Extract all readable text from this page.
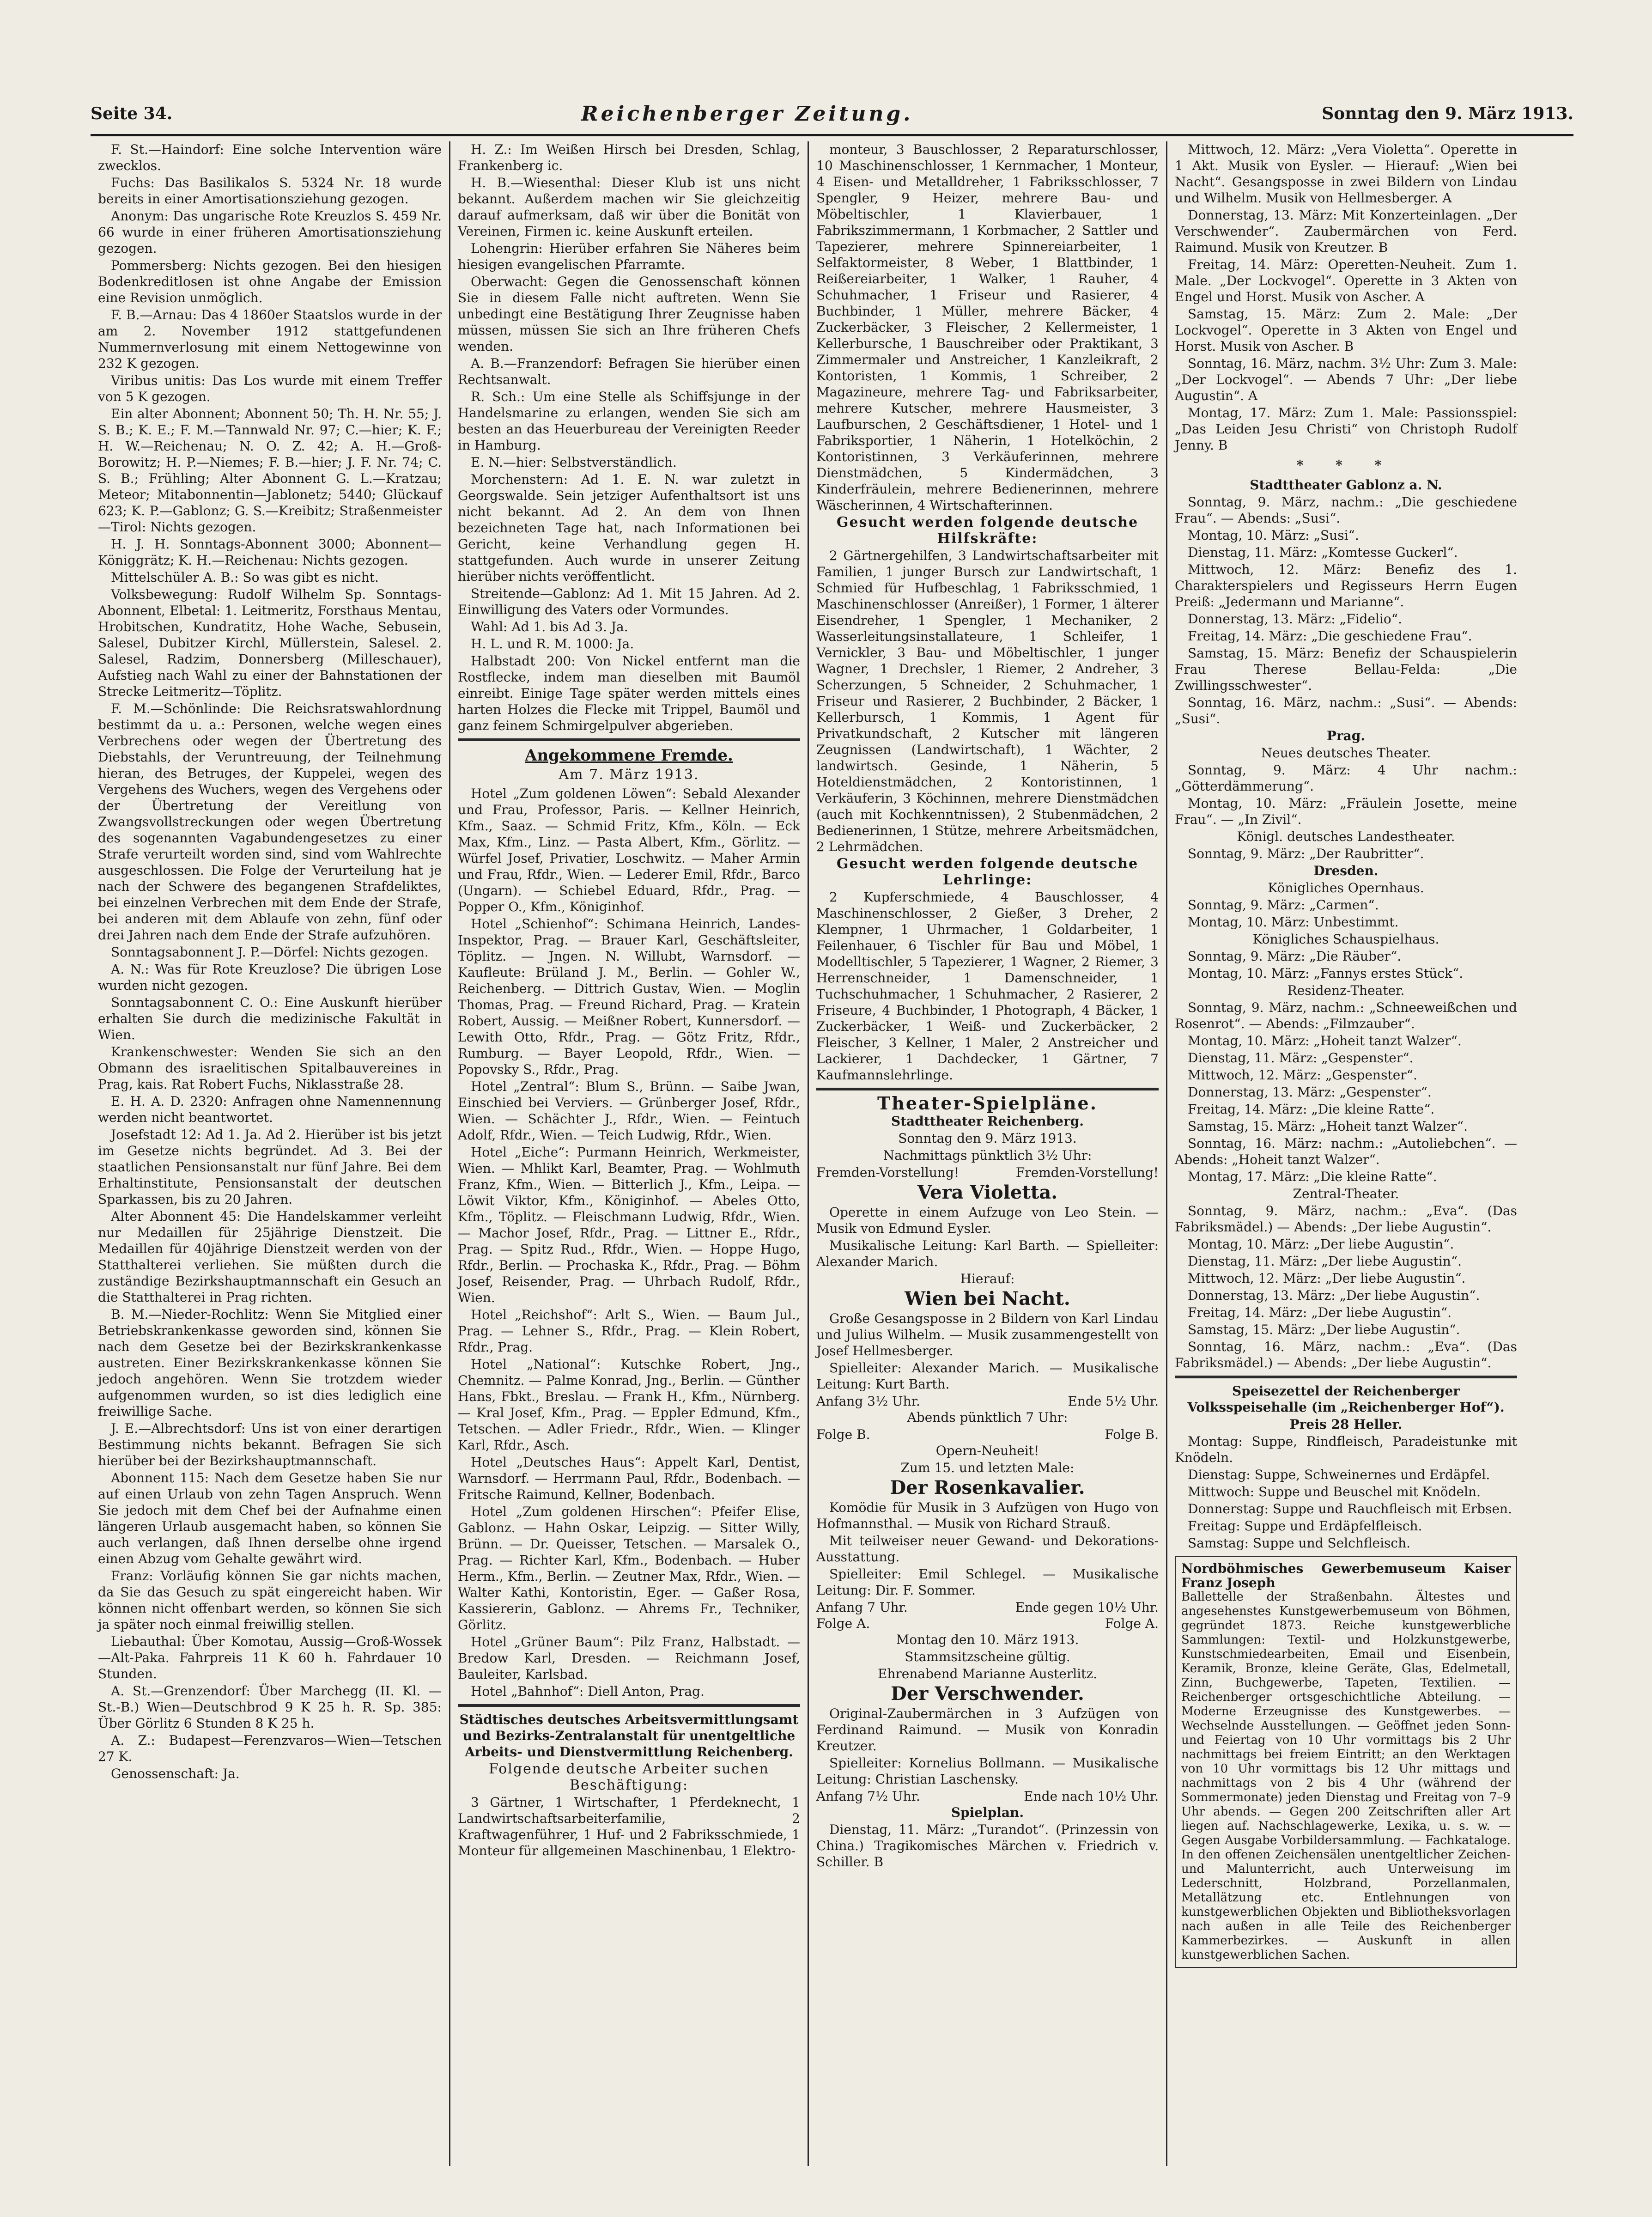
Seite 34.	Reichenberger Zeitung.	Sonntag den 9. März 1913.

F. St.—Haindorf: Eine solche Intervention wäre zwecklos.

Fuchs: Das Basilikalos S. 5324 Nr. 18 wurde bereits in einer Amortisationsziehung gezogen.

Anonym: Das ungarische Rote Kreuzlos S. 459 Nr. 66 wurde in einer früheren Amortisationsziehung gezogen.

Pommersberg: Nichts gezogen. Bei den hiesigen Bodenkreditlosen ist ohne Angabe der Emission eine Revision unmöglich.

F. B.—Arnau: Das 4 1860er Staatslos wurde in der am 2. November 1912 stattgefundenen Nummernverlosung mit einem Nettogewinne von 232 K gezogen.

Viribus unitis: Das Los wurde mit einem Treffer von 5 K gezogen.

Ein alter Abonnent; Abonnent 50; Th. H. Nr. 55; J. S. B.; K. E.; F. M.—Tannwald Nr. 97; C.—hier; K. F.; H. W.—Reichenau; N. O. Z. 42; A. H.—Groß-Borowitz; H. P.—Niemes; F. B.—hier; J. F. Nr. 74; C. S. B.; Frühling; Alter Abonnent G. L.—Kratzau; Meteor; Mitabonnentin—Jablonetz; 5440; Glückauf 623; K. P.—Gablonz; G. S.—Kreibitz; Straßenmeister—Tirol: Nichts gezogen.

H. J. H. Sonntags-Abonnent 3000; Abonnent—Königgrätz; K. H.—Reichenau: Nichts gezogen.

Mittelschüler A. B.: So was gibt es nicht.

Volksbewegung: Rudolf Wilhelm Sp. Sonntags-Abonnent, Elbetal: 1. Leitmeritz, Forsthaus Mentau, Hrobitschen, Kundratitz, Hohe Wache, Sebusein, Salesel, Dubitzer Kirchl, Müllerstein, Salesel. 2. Salesel, Radzim, Donnersberg (Milleschauer), Aufstieg nach Wahl zu einer der Bahnstationen der Strecke Leitmeritz—Töplitz.

F. M.—Schönlinde: Die Reichsratswahlordnung bestimmt da u. a.: Personen, welche wegen eines Verbrechens oder wegen der Übertretung des Diebstahls, der Veruntreuung, der Teilnehmung hieran, des Betruges, der Kuppelei, wegen des Vergehens des Wuchers, wegen des Vergehens oder der Übertretung der Vereitlung von Zwangsvollstreckungen oder wegen Übertretung des sogenannten Vagabundengesetzes zu einer Strafe verurteilt worden sind, sind vom Wahlrechte ausgeschlossen. Die Folge der Verurteilung hat je nach der Schwere des begangenen Strafdeliktes, bei einzelnen Verbrechen mit dem Ende der Strafe, bei anderen mit dem Ablaufe von zehn, fünf oder drei Jahren nach dem Ende der Strafe aufzuhören.

Sonntagsabonnent J. P.—Dörfel: Nichts gezogen.

A. N.: Was für Rote Kreuzlose? Die übrigen Lose wurden nicht gezogen.

Sonntagsabonnent C. O.: Eine Auskunft hierüber erhalten Sie durch die medizinische Fakultät in Wien.

Krankenschwester: Wenden Sie sich an den Obmann des israelitischen Spitalbauvereines in Prag, kais. Rat Robert Fuchs, Niklasstraße 28.

E. H. A. D. 2320: Anfragen ohne Namennennung werden nicht beantwortet.

Josefstadt 12: Ad 1. Ja. Ad 2. Hierüber ist bis jetzt im Gesetze nichts begründet. Ad 3. Bei der staatlichen Pensionsanstalt nur fünf Jahre. Bei dem Erhaltinstitute, Pensionsanstalt der deutschen Sparkassen, bis zu 20 Jahren.

Alter Abonnent 45: Die Handelskammer verleiht nur Medaillen für 25jährige Dienstzeit. Die Medaillen für 40jährige Dienstzeit werden von der Statthalterei verliehen. Sie müßten durch die zuständige Bezirkshauptmannschaft ein Gesuch an die Statthalterei in Prag richten.

B. M.—Nieder-Rochlitz: Wenn Sie Mitglied einer Betriebskrankenkasse geworden sind, können Sie nach dem Gesetze bei der Bezirkskrankenkasse austreten. Einer Bezirkskrankenkasse können Sie jedoch angehören. Wenn Sie trotzdem wieder aufgenommen wurden, so ist dies lediglich eine freiwillige Sache.

J. E.—Albrechtsdorf: Uns ist von einer derartigen Bestimmung nichts bekannt. Befragen Sie sich hierüber bei der Bezirkshauptmannschaft.

Abonnent 115: Nach dem Gesetze haben Sie nur auf einen Urlaub von zehn Tagen Anspruch. Wenn Sie jedoch mit dem Chef bei der Aufnahme einen längeren Urlaub ausgemacht haben, so können Sie auch verlangen, daß Ihnen derselbe ohne irgend einen Abzug vom Gehalte gewährt wird.

Franz: Vorläufig können Sie gar nichts machen, da Sie das Gesuch zu spät eingereicht haben. Wir können nicht offenbart werden, so können Sie sich ja später noch einmal freiwillig stellen.

Liebauthal: Über Komotau, Aussig—Groß-Wossek—Alt-Paka. Fahrpreis 11 K 60 h. Fahrdauer 10 Stunden.

A. St.—Grenzendorf: Über Marchegg (II. Kl. — St.-B.) Wien—Deutschbrod 9 K 25 h. R. Sp. 385: Über Görlitz 6 Stunden 8 K 25 h.

A. Z.: Budapest—Ferenzvaros—Wien—Tetschen 27 K.

Genossenschaft: Ja.

H. Z.: Im Weißen Hirsch bei Dresden, Schlag, Frankenberg ic.

H. B.—Wiesenthal: Dieser Klub ist uns nicht bekannt. Außerdem machen wir Sie gleichzeitig darauf aufmerksam, daß wir über die Bonität von Vereinen, Firmen ic. keine Auskunft erteilen.

Lohengrin: Hierüber erfahren Sie Näheres beim hiesigen evangelischen Pfarramte.

Oberwacht: Gegen die Genossenschaft können Sie in diesem Falle nicht auftreten. Wenn Sie unbedingt eine Bestätigung Ihrer Zeugnisse haben müssen, müssen Sie sich an Ihre früheren Chefs wenden.

A. B.—Franzendorf: Befragen Sie hierüber einen Rechtsanwalt.

R. Sch.: Um eine Stelle als Schiffsjunge in der Handelsmarine zu erlangen, wenden Sie sich am besten an das Heuerbureau der Vereinigten Reeder in Hamburg.

E. N.—hier: Selbstverständlich.

Morchenstern: Ad 1. E. N. war zuletzt in Georgswalde. Sein jetziger Aufenthaltsort ist uns nicht bekannt. Ad 2. An dem von Ihnen bezeichneten Tage hat, nach Informationen bei Gericht, keine Verhandlung gegen H. stattgefunden. Auch wurde in unserer Zeitung hierüber nichts veröffentlicht.

Streitende—Gablonz: Ad 1. Mit 15 Jahren. Ad 2. Einwilligung des Vaters oder Vormundes.

Wahl: Ad 1. bis Ad 3. Ja.

H. L. und R. M. 1000: Ja.

Halbstadt 200: Von Nickel entfernt man die Rostflecke, indem man dieselben mit Baumöl einreibt. Einige Tage später werden mittels eines harten Holzes die Flecke mit Trippel, Baumöl und ganz feinem Schmirgelpulver abgerieben.

Angekommene Fremde.
Am 7. März 1913.

Hotel „Zum goldenen Löwen“: Sebald Alexander und Frau, Professor, Paris. — Kellner Heinrich, Kfm., Saaz. — Schmid Fritz, Kfm., Köln. — Eck Max, Kfm., Linz. — Pasta Albert, Kfm., Görlitz. — Würfel Josef, Privatier, Loschwitz. — Maher Armin und Frau, Rfdr., Wien. — Lederer Emil, Rfdr., Barco (Ungarn). — Schiebel Eduard, Rfdr., Prag. — Popper O., Kfm., Königinhof.

Hotel „Schienhof“: Schimana Heinrich, Landes-Inspektor, Prag. — Brauer Karl, Geschäftsleiter, Töplitz. — Jngen. N. Willubt, Warnsdorf. — Kaufleute: Brüland J. M., Berlin. — Gohler W., Reichenberg. — Dittrich Gustav, Wien. — Moglin Thomas, Prag. — Freund Richard, Prag. — Kratein Robert, Aussig. — Meißner Robert, Kunnersdorf. — Lewith Otto, Rfdr., Prag. — Götz Fritz, Rfdr., Rumburg. — Bayer Leopold, Rfdr., Wien. — Popovsky S., Rfdr., Prag.

Hotel „Zentral“: Blum S., Brünn. — Saibe Jwan, Einschied bei Verviers. — Grünberger Josef, Rfdr., Wien. — Schächter J., Rfdr., Wien. — Feintuch Adolf, Rfdr., Wien. — Teich Ludwig, Rfdr., Wien.

Hotel „Eiche“: Purmann Heinrich, Werkmeister, Wien. — Mhlikt Karl, Beamter, Prag. — Wohlmuth Franz, Kfm., Wien. — Bitterlich J., Kfm., Leipa. — Löwit Viktor, Kfm., Königinhof. — Abeles Otto, Kfm., Töplitz. — Fleischmann Ludwig, Rfdr., Wien. — Machor Josef, Rfdr., Prag. — Littner E., Rfdr., Prag. — Spitz Rud., Rfdr., Wien. — Hoppe Hugo, Rfdr., Berlin. — Prochaska K., Rfdr., Prag. — Böhm Josef, Reisender, Prag. — Uhrbach Rudolf, Rfdr., Wien.

Hotel „Reichshof“: Arlt S., Wien. — Baum Jul., Prag. — Lehner S., Rfdr., Prag. — Klein Robert, Rfdr., Prag.

Hotel „National“: Kutschke Robert, Jng., Chemnitz. — Palme Konrad, Jng., Berlin. — Günther Hans, Fbkt., Breslau. — Frank H., Kfm., Nürnberg. — Kral Josef, Kfm., Prag. — Eppler Edmund, Kfm., Tetschen. — Adler Friedr., Rfdr., Wien. — Klinger Karl, Rfdr., Asch.

Hotel „Deutsches Haus“: Appelt Karl, Dentist, Warnsdorf. — Herrmann Paul, Rfdr., Bodenbach. — Fritsche Raimund, Kellner, Bodenbach.

Hotel „Zum goldenen Hirschen“: Pfeifer Elise, Gablonz. — Hahn Oskar, Leipzig. — Sitter Willy, Brünn. — Dr. Queisser, Tetschen. — Marsalek O., Prag. — Richter Karl, Kfm., Bodenbach. — Huber Herm., Kfm., Berlin. — Zeutner Max, Rfdr., Wien. — Walter Kathi, Kontoristin, Eger. — Gaßer Rosa, Kassiererin, Gablonz. — Ahrems Fr., Techniker, Görlitz.

Hotel „Grüner Baum“: Pilz Franz, Halbstadt. — Bredow Karl, Dresden. — Reichmann Josef, Bauleiter, Karlsbad.

Hotel „Bahnhof“: Diell Anton, Prag.

Städtisches deutsches Arbeitsvermittlungsamt und Bezirks-Zentralanstalt für unentgeltliche Arbeits- und Dienstvermittlung Reichenberg.

Folgende deutsche Arbeiter suchen Beschäftigung:

3 Gärtner, 1 Wirtschafter, 1 Pferdeknecht, 1 Landwirtschaftsarbeiterfamilie, 2 Kraftwagenführer, 1 Huf- und 2 Fabriksschmiede, 1 Monteur für allgemeinen Maschinenbau, 1 Elektro-

monteur, 3 Bauschlosser, 2 Reparaturschlosser, 10 Maschinenschlosser, 1 Kernmacher, 1 Monteur, 4 Eisen- und Metalldreher, 1 Fabriksschlosser, 7 Spengler, 9 Heizer, mehrere Bau- und Möbeltischler, 1 Klavierbauer, 1 Fabrikszimmermann, 1 Korbmacher, 2 Sattler und Tapezierer, mehrere Spinnereiarbeiter, 1 Selfaktormeister, 8 Weber, 1 Blattbinder, 1 Reißereiarbeiter, 1 Walker, 1 Rauher, 4 Schuhmacher, 1 Friseur und Rasierer, 4 Buchbinder, 1 Müller, mehrere Bäcker, 4 Zuckerbäcker, 3 Fleischer, 2 Kellermeister, 1 Kellerbursche, 1 Bauschreiber oder Praktikant, 3 Zimmermaler und Anstreicher, 1 Kanzleikraft, 2 Kontoristen, 1 Kommis, 1 Schreiber, 2 Magazineure, mehrere Tag- und Fabriksarbeiter, mehrere Kutscher, mehrere Hausmeister, 3 Laufburschen, 2 Geschäftsdiener, 1 Hotel- und 1 Fabriksportier, 1 Näherin, 1 Hotelköchin, 2 Kontoristinnen, 3 Verkäuferinnen, mehrere Dienstmädchen, 5 Kindermädchen, 3 Kinderfräulein, mehrere Bedienerinnen, mehrere Wäscherinnen, 4 Wirtschafterinnen.

Gesucht werden folgende deutsche Hilfskräfte:

2 Gärtnergehilfen, 3 Landwirtschaftsarbeiter mit Familien, 1 junger Bursch zur Landwirtschaft, 1 Schmied für Hufbeschlag, 1 Fabriksschmied, 1 Maschinenschlosser (Anreißer), 1 Former, 1 älterer Eisendreher, 1 Spengler, 1 Mechaniker, 2 Wasserleitungsinstallateure, 1 Schleifer, 1 Vernickler, 3 Bau- und Möbeltischler, 1 junger Wagner, 1 Drechsler, 1 Riemer, 2 Andreher, 3 Scherzungen, 5 Schneider, 2 Schuhmacher, 1 Friseur und Rasierer, 2 Buchbinder, 2 Bäcker, 1 Kellerbursch, 1 Kommis, 1 Agent für Privatkundschaft, 2 Kutscher mit längeren Zeugnissen (Landwirtschaft), 1 Wächter, 2 landwirtsch. Gesinde, 1 Näherin, 5 Hoteldienstmädchen, 2 Kontoristinnen, 1 Verkäuferin, 3 Köchinnen, mehrere Dienstmädchen (auch mit Kochkenntnissen), 2 Stubenmädchen, 2 Bedienerinnen, 1 Stütze, mehrere Arbeitsmädchen, 2 Lehrmädchen.

Gesucht werden folgende deutsche Lehrlinge:

2 Kupferschmiede, 4 Bauschlosser, 4 Maschinenschlosser, 2 Gießer, 3 Dreher, 2 Klempner, 1 Uhrmacher, 1 Goldarbeiter, 1 Feilenhauer, 6 Tischler für Bau und Möbel, 1 Modelltischler, 5 Tapezierer, 1 Wagner, 2 Riemer, 3 Herrenschneider, 1 Damenschneider, 1 Tuchschuhmacher, 1 Schuhmacher, 2 Rasierer, 2 Friseure, 4 Buchbinder, 1 Photograph, 4 Bäcker, 1 Zuckerbäcker, 1 Weiß- und Zuckerbäcker, 2 Fleischer, 3 Kellner, 1 Maler, 2 Anstreicher und Lackierer, 1 Dachdecker, 1 Gärtner, 7 Kaufmannslehrlinge.

Theater-Spielpläne.

Stadttheater Reichenberg.

Sonntag den 9. März 1913.

Nachmittags pünktlich 3½ Uhr:

Fremden-Vorstellung!	Fremden-Vorstellung!
Vera Violetta.

Operette in einem Aufzuge von Leo Stein. — Musik von Edmund Eysler.

Musikalische Leitung: Karl Barth. — Spielleiter: Alexander Marich.

Hierauf:

Wien bei Nacht.

Große Gesangsposse in 2 Bildern von Karl Lindau und Julius Wilhelm. — Musik zusammengestellt von Josef Hellmesberger.

Spielleiter: Alexander Marich. — Musikalische Leitung: Kurt Barth.

Anfang 3½ Uhr.	Ende 5½ Uhr.

Abends pünktlich 7 Uhr:

Folge B.	Folge B.

Opern-Neuheit!

Zum 15. und letzten Male:

Der Rosenkavalier.

Komödie für Musik in 3 Aufzügen von Hugo von Hofmannsthal. — Musik von Richard Strauß.

Mit teilweiser neuer Gewand- und Dekorations-Ausstattung.

Spielleiter: Emil Schlegel. — Musikalische Leitung: Dir. F. Sommer.

Anfang 7 Uhr.	Ende gegen 10½ Uhr.
Folge A.	Folge A.

Montag den 10. März 1913.

Stammsitzscheine gültig.

Ehrenabend Marianne Austerlitz.

Der Verschwender.

Original-Zaubermärchen in 3 Aufzügen von Ferdinand Raimund. — Musik von Konradin Kreutzer.

Spielleiter: Kornelius Bollmann. — Musikalische Leitung: Christian Laschensky.

Anfang 7½ Uhr.	Ende nach 10½ Uhr.

Spielplan.

Dienstag, 11. März: „Turandot“. (Prinzessin von China.) Tragikomisches Märchen v. Friedrich v. Schiller. B

Mittwoch, 12. März: „Vera Violetta“. Operette in 1 Akt. Musik von Eysler. — Hierauf: „Wien bei Nacht“. Gesangsposse in zwei Bildern von Lindau und Wilhelm. Musik von Hellmesberger. A

Donnerstag, 13. März: Mit Konzerteinlagen. „Der Verschwender“. Zaubermärchen von Ferd. Raimund. Musik von Kreutzer. B

Freitag, 14. März: Operetten-Neuheit. Zum 1. Male. „Der Lockvogel“. Operette in 3 Akten von Engel und Horst. Musik von Ascher. A

Samstag, 15. März: Zum 2. Male: „Der Lockvogel“. Operette in 3 Akten von Engel und Horst. Musik von Ascher. B

Sonntag, 16. März, nachm. 3½ Uhr: Zum 3. Male: „Der Lockvogel“. — Abends 7 Uhr: „Der liebe Augustin“. A

Montag, 17. März: Zum 1. Male: Passionsspiel: „Das Leiden Jesu Christi“ von Christoph Rudolf Jenny. B

* * *

Stadttheater Gablonz a. N.

Sonntag, 9. März, nachm.: „Die geschiedene Frau“. — Abends: „Susi“.

Montag, 10. März: „Susi“.

Dienstag, 11. März: „Komtesse Guckerl“.

Mittwoch, 12. März: Benefiz des 1. Charakterspielers und Regisseurs Herrn Eugen Preiß: „Jedermann und Marianne“.

Donnerstag, 13. März: „Fidelio“.

Freitag, 14. März: „Die geschiedene Frau“.

Samstag, 15. März: Benefiz der Schauspielerin Frau Therese Bellau-Felda: „Die Zwillingsschwester“.

Sonntag, 16. März, nachm.: „Susi“. — Abends: „Susi“.

Prag.

Neues deutsches Theater.

Sonntag, 9. März: 4 Uhr nachm.: „Götterdämmerung“.

Montag, 10. März: „Fräulein Josette, meine Frau“. — „In Zivil“.

Königl. deutsches Landestheater.

Sonntag, 9. März: „Der Raubritter“.

Dresden.

Königliches Opernhaus.

Sonntag, 9. März: „Carmen“.

Montag, 10. März: Unbestimmt.

Königliches Schauspielhaus.

Sonntag, 9. März: „Die Räuber“.

Montag, 10. März: „Fannys erstes Stück“.

Residenz-Theater.

Sonntag, 9. März, nachm.: „Schneeweißchen und Rosenrot“. — Abends: „Filmzauber“.

Montag, 10. März: „Hoheit tanzt Walzer“.

Dienstag, 11. März: „Gespenster“.

Mittwoch, 12. März: „Gespenster“.

Donnerstag, 13. März: „Gespenster“.

Freitag, 14. März: „Die kleine Ratte“.

Samstag, 15. März: „Hoheit tanzt Walzer“.

Sonntag, 16. März: nachm.: „Autoliebchen“. — Abends: „Hoheit tanzt Walzer“.

Montag, 17. März: „Die kleine Ratte“.

Zentral-Theater.

Sonntag, 9. März, nachm.: „Eva“. (Das Fabriksmädel.) — Abends: „Der liebe Augustin“.

Montag, 10. März: „Der liebe Augustin“.

Dienstag, 11. März: „Der liebe Augustin“.

Mittwoch, 12. März: „Der liebe Augustin“.

Donnerstag, 13. März: „Der liebe Augustin“.

Freitag, 14. März: „Der liebe Augustin“.

Samstag, 15. März: „Der liebe Augustin“.

Sonntag, 16. März, nachm.: „Eva“. (Das Fabriksmädel.) — Abends: „Der liebe Augustin“.

Speisezettel der Reichenberger Volksspeisehalle (im „Reichenberger Hof“).

Preis 28 Heller.

Montag: Suppe, Rindfleisch, Paradeistunke mit Knödeln.

Dienstag: Suppe, Schweinernes und Erdäpfel.

Mittwoch: Suppe und Beuschel mit Knödeln.

Donnerstag: Suppe und Rauchfleisch mit Erbsen.

Freitag: Suppe und Erdäpfelfleisch.

Samstag: Suppe und Selchfleisch.

Nordböhmisches Gewerbemuseum Kaiser Franz Joseph
Ballettelle der Straßenbahn. Ältestes und angesehenstes Kunstgewerbemuseum von Böhmen, gegründet 1873. Reiche kunstgewerbliche Sammlungen: Textil- und Holzkunstgewerbe, Kunstschmiedearbeiten, Email und Eisenbein, Keramik, Bronze, kleine Geräte, Glas, Edelmetall, Zinn, Buchgewerbe, Tapeten, Textilien. — Reichenberger ortsgeschichtliche Abteilung. — Moderne Erzeugnisse des Kunstgewerbes. — Wechselnde Ausstellungen. — Geöffnet jeden Sonn- und Feiertag von 10 Uhr vormittags bis 2 Uhr nachmittags bei freiem Eintritt; an den Werktagen von 10 Uhr vormittags bis 12 Uhr mittags und nachmittags von 2 bis 4 Uhr (während der Sommermonate) jeden Dienstag und Freitag von 7–9 Uhr abends. — Gegen 200 Zeitschriften aller Art liegen auf. Nachschlagewerke, Lexika, u. s. w. — Gegen Ausgabe Vorbildersammlung. — Fachkataloge. In den offenen Zeichensälen unentgeltlicher Zeichen- und Malunterricht, auch Unterweisung im Lederschnitt, Holzbrand, Porzellanmalen, Metallätzung etc. Entlehnungen von kunstgewerblichen Objekten und Bibliotheksvorlagen nach außen in alle Teile des Reichenberger Kammerbezirkes. — Auskunft in allen kunstgewerblichen Sachen.
